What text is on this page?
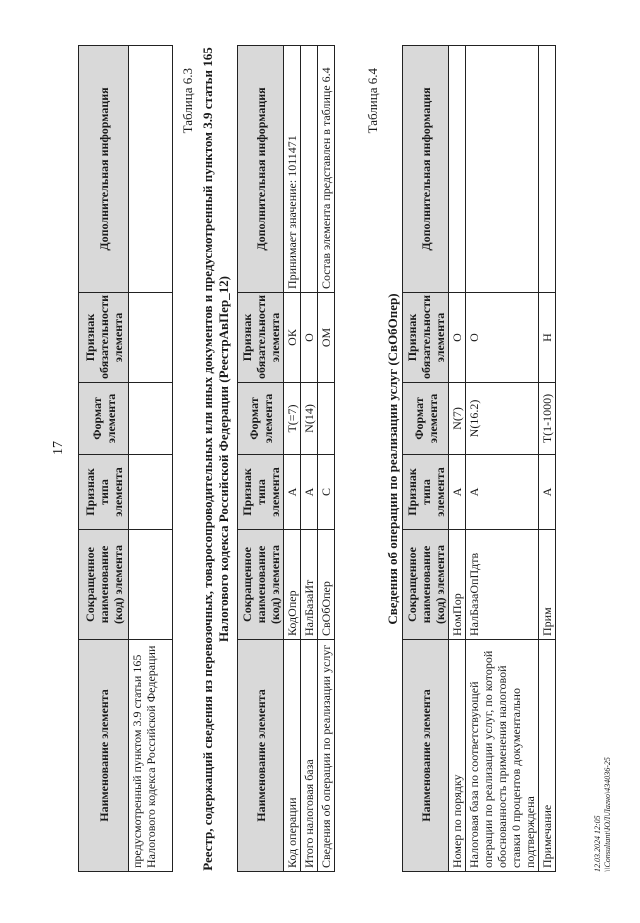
17
Наименование элемента	Сокращенное наименование (код) элемента	Признак типа элемента	Формат элемента	Признак обязательности элемента	Дополнительная информация
предусмотренный пунктом 3.9 статьи 165 Налогового кодекса Российской Федерации					
Таблица 6.3 Реестр, содержащий сведения из перевозочных, товаросопроводительных или иных документов и предусмотренный пунктом 3.9 статьи 165 Налогового кодекса Российской Федерации (РеестрАвПер_12)
Наименование элемента	Сокращенное наименование (код) элемента	Признак типа элемента	Формат элемента	Признак обязательности элемента	Дополнительная информация
Код операции	КодОпер	А	T(=7)	ОК	Принимает значение: 1011471
Итого налоговая база	НалБазаИт	А	N(14)	О	
Сведения об операции по реализации услуг	СвОбОпер	С		ОМ	Состав элемента представлен в таблице 6.4 Таблица 6.4
Сведения об операции по реализации услуг (СвОбОпер)
Наименование элемента	Сокращенное наименование (код) элемента	Признак типа элемента	Формат элемента	Признак обязательности элемента	Дополнительная информация
Номер по порядку	НомПор	А	N(7)	О	
Налоговая база по соответствующей операции по реализации услуг, по которой обоснованность применения налоговой ставки 0 процентов документально подтверждена	НалБазаОпПдтв	А	N(16.2)	О	
Примечание	Прим	А	T(1-1000)	Н	
12.03.2024 12:05 \\Consultant\ЮЛ\Лагно\434036-25
